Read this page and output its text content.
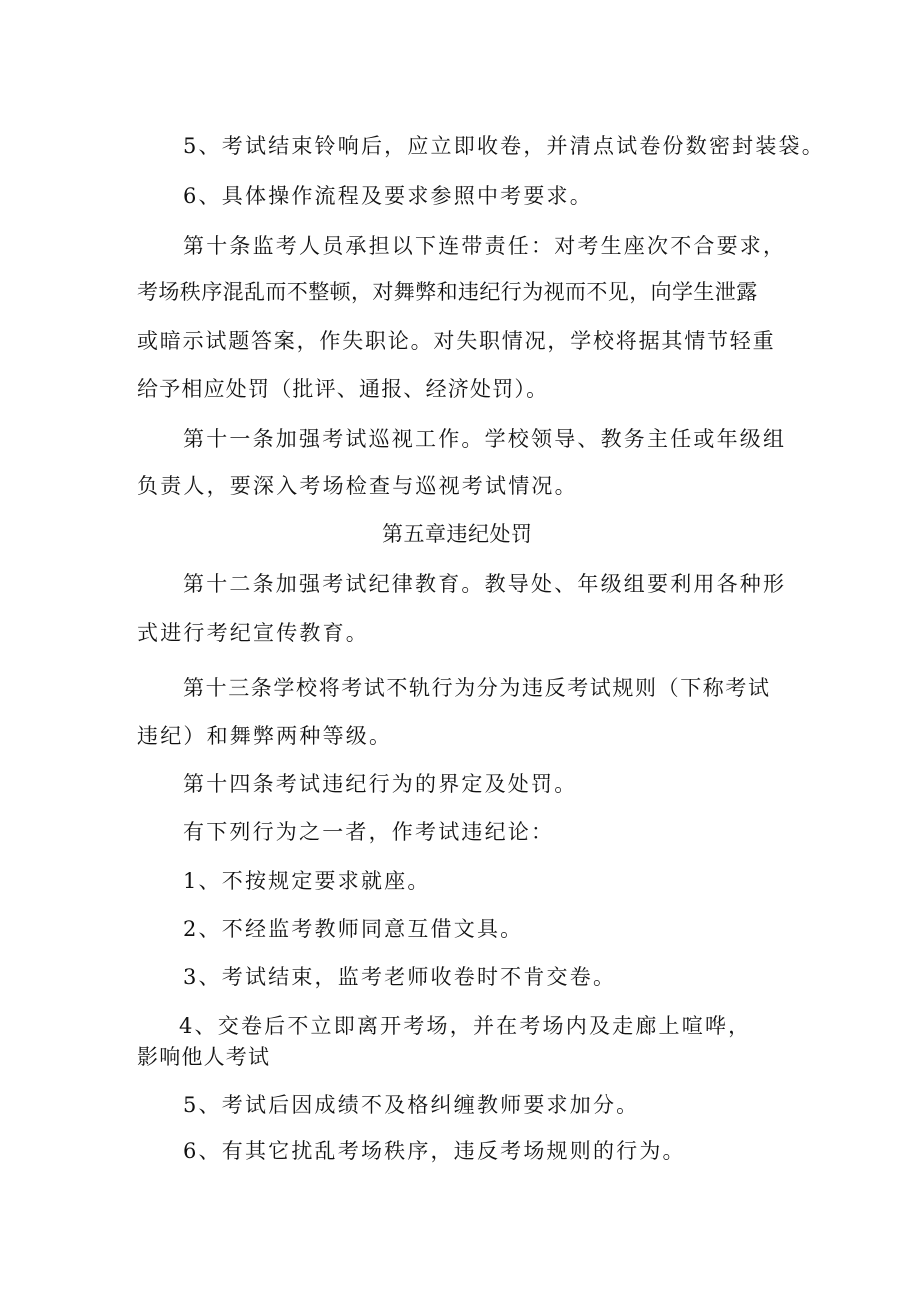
5、考试结束铃响后，应立即收卷，并清点试卷份数密封装袋。
6、具体操作流程及要求参照中考要求。
第十条监考人员承担以下连带责任：对考生座次不合要求，
考场秩序混乱而不整顿，对舞弊和违纪行为视而不见，向学生泄露
或暗示试题答案，作失职论。对失职情况，学校将据其情节轻重
给予相应处罚（批评、通报、经济处罚）。
第十一条加强考试巡视工作。学校领导、教务主任或年级组
负责人，要深入考场检查与巡视考试情况。
第五章违纪处罚
第十二条加强考试纪律教育。教导处、年级组要利用各种形
式进行考纪宣传教育。
第十三条学校将考试不轨行为分为违反考试规则（下称考试
违纪）和舞弊两种等级。
第十四条考试违纪行为的界定及处罚。
有下列行为之一者，作考试违纪论：
1、不按规定要求就座。
2、不经监考教师同意互借文具。
3、考试结束，监考老师收卷时不肯交卷。
4、交卷后不立即离开考场，并在考场内及走廊上喧哗，
影响他人考试
5、考试后因成绩不及格纠缠教师要求加分。
6、有其它扰乱考场秩序，违反考场规则的行为。
